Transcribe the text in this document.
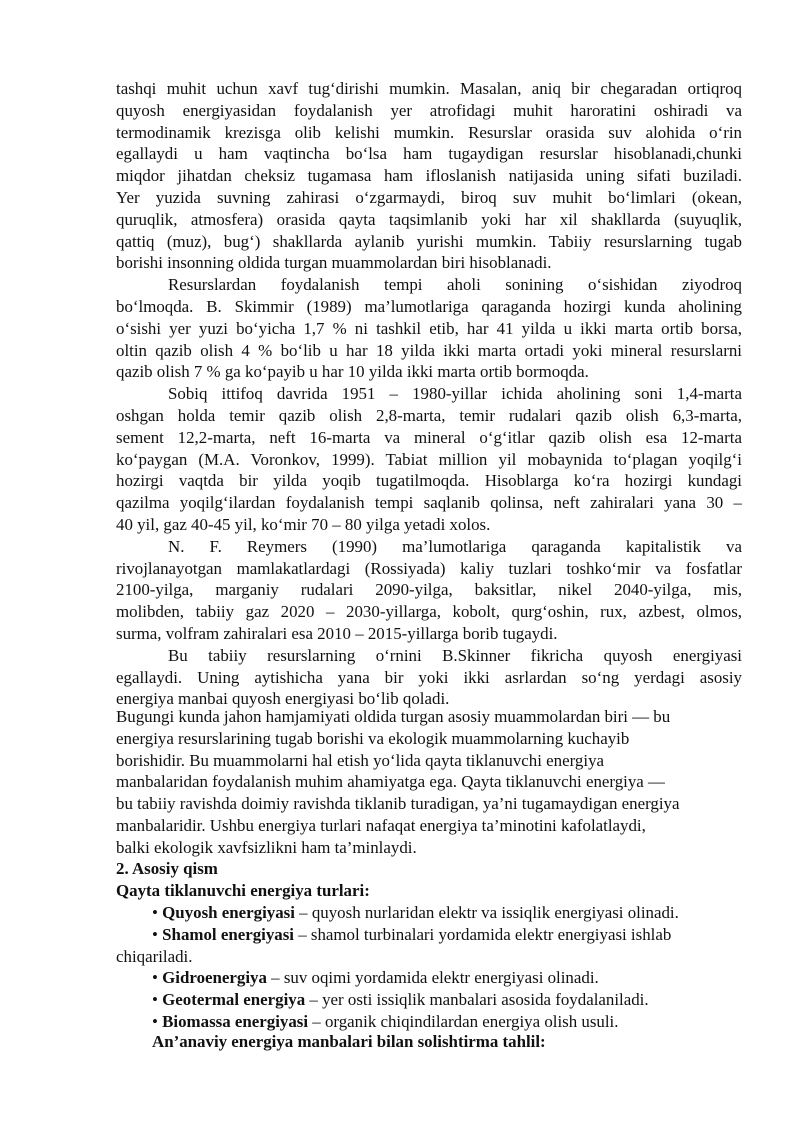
tashqi muhit uchun xavf tug‘dirishi mumkin. Masalan, aniq bir chegaradan ortiqroq
quyosh energiyasidan foydalanish yer atrofidagi muhit haroratini oshiradi va
termodinamik krezisga olib kelishi mumkin. Resurslar orasida suv alohida o‘rin
egallaydi u ham vaqtincha bo‘lsa ham tugaydigan resurslar hisoblanadi,chunki
miqdor jihatdan cheksiz tugamasa ham ifloslanish natijasida uning sifati buziladi.
Yer yuzida suvning zahirasi o‘zgarmaydi, biroq suv muhit bo‘limlari (okean,
quruqlik, atmosfera) orasida qayta taqsimlanib yoki har xil shakllarda (suyuqlik,
qattiq (muz), bug‘) shakllarda aylanib yurishi mumkin. Tabiiy resurslarning tugab
borishi insonning oldida turgan muammolardan biri hisoblanadi.
Resurslardan foydalanish tempi aholi sonining o‘sishidan ziyodroq
bo‘lmoqda. B. Skimmir (1989) ma’lumotlariga qaraganda hozirgi kunda aholining
o‘sishi yer yuzi bo‘yicha 1,7 % ni tashkil etib, har 41 yilda u ikki marta ortib borsa,
oltin qazib olish 4 % bo‘lib u har 18 yilda ikki marta ortadi yoki mineral resurslarni
qazib olish 7 % ga ko‘payib u har 10 yilda ikki marta ortib bormoqda.
Sobiq ittifoq davrida 1951 – 1980-yillar ichida aholining soni 1,4-marta
oshgan holda temir qazib olish 2,8-marta, temir rudalari qazib olish 6,3-marta,
sement 12,2-marta, neft 16-marta va mineral o‘g‘itlar qazib olish esa 12-marta
ko‘paygan (M.A. Voronkov, 1999). Tabiat million yil mobaynida to‘plagan yoqilg‘i
hozirgi vaqtda bir yilda yoqib tugatilmoqda. Hisoblarga ko‘ra hozirgi kundagi
qazilma yoqilg‘ilardan foydalanish tempi saqlanib qolinsa, neft zahiralari yana 30 –
40 yil, gaz 40-45 yil, ko‘mir 70 – 80 yilga yetadi xolos.
N. F. Reymers (1990) ma’lumotlariga qaraganda kapitalistik va
rivojlanayotgan mamlakatlardagi (Rossiyada) kaliy tuzlari toshko‘mir va fosfatlar
2100-yilga, marganiy rudalari 2090-yilga, baksitlar, nikel 2040-yilga, mis,
molibden, tabiiy gaz 2020 – 2030-yillarga, kobolt, qurg‘oshin, rux, azbest, olmos,
surma, volfram zahiralari esa 2010 – 2015-yillarga borib tugaydi.
Bu tabiiy resurslarning o‘rnini B.Skinner fikricha quyosh energiyasi
egallaydi. Uning aytishicha yana bir yoki ikki asrlardan so‘ng yerdagi asosiy
energiya manbai quyosh energiyasi bo‘lib qoladi.
Bugungi kunda jahon hamjamiyati oldida turgan asosiy muammolardan biri — bu
energiya resurslarining tugab borishi va ekologik muammolarning kuchayib
borishidir. Bu muammolarni hal etish yo‘lida qayta tiklanuvchi energiya
manbalaridan foydalanish muhim ahamiyatga ega. Qayta tiklanuvchi energiya —
bu tabiiy ravishda doimiy ravishda tiklanib turadigan, ya’ni tugamaydigan energiya
manbalaridir. Ushbu energiya turlari nafaqat energiya ta’minotini kafolatlaydi,
balki ekologik xavfsizlikni ham ta’minlaydi.
2. Asosiy qism
Qayta tiklanuvchi energiya turlari:
• Quyosh energiyasi – quyosh nurlaridan elektr va issiqlik energiyasi olinadi.
• Shamol energiyasi – shamol turbinalari yordamida elektr energiyasi ishlab
chiqariladi.
• Gidroenergiya – suv oqimi yordamida elektr energiyasi olinadi.
• Geotermal energiya – yer osti issiqlik manbalari asosida foydalaniladi.
• Biomassa energiyasi – organik chiqindilardan energiya olish usuli.
An’anaviy energiya manbalari bilan solishtirma tahlil:
